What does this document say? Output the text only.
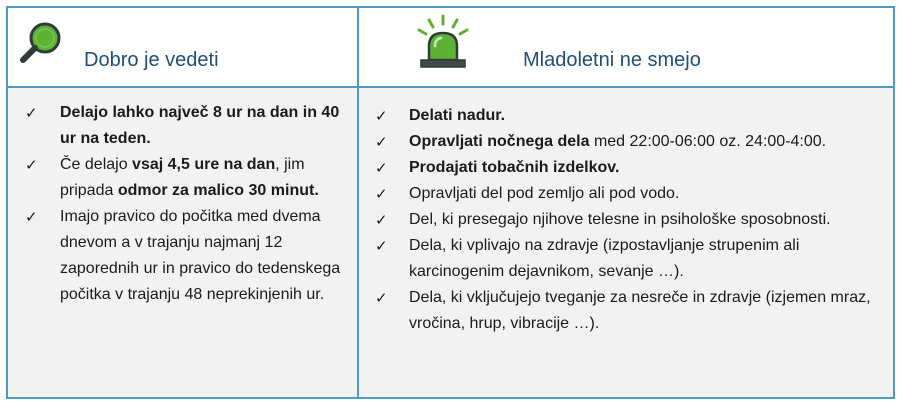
Dobro je vedeti	Mladoletni ne smejo
✓ Delajo lahko največ 8 ur na dan in 40 ur na teden.
✓ Če delajo vsaj 4,5 ure na dan, jim pripada odmor za malico 30 minut.
✓ Imajo pravico do počitka med dvema dnevom a v trajanju najmanj 12 zaporednih ur in pravico do tedenskega počitka v trajanju 48 neprekinjenih ur.
✓ Delati nadur.
✓ Opravljati nočnega dela med 22:00-06:00 oz. 24:00-4:00.
✓ Prodajati tobačnih izdelkov.
✓ Opravljati del pod zemljo ali pod vodo.
✓ Del, ki presegajo njihove telesne in psihološke sposobnosti.
✓ Dela, ki vplivajo na zdravje (izpostavljanje strupenim ali karcinogenim dejavnikom, sevanje …).
✓ Dela, ki vključujejo tveganje za nesreče in zdravje (izjemen mraz, vročina, hrup, vibracije …).
